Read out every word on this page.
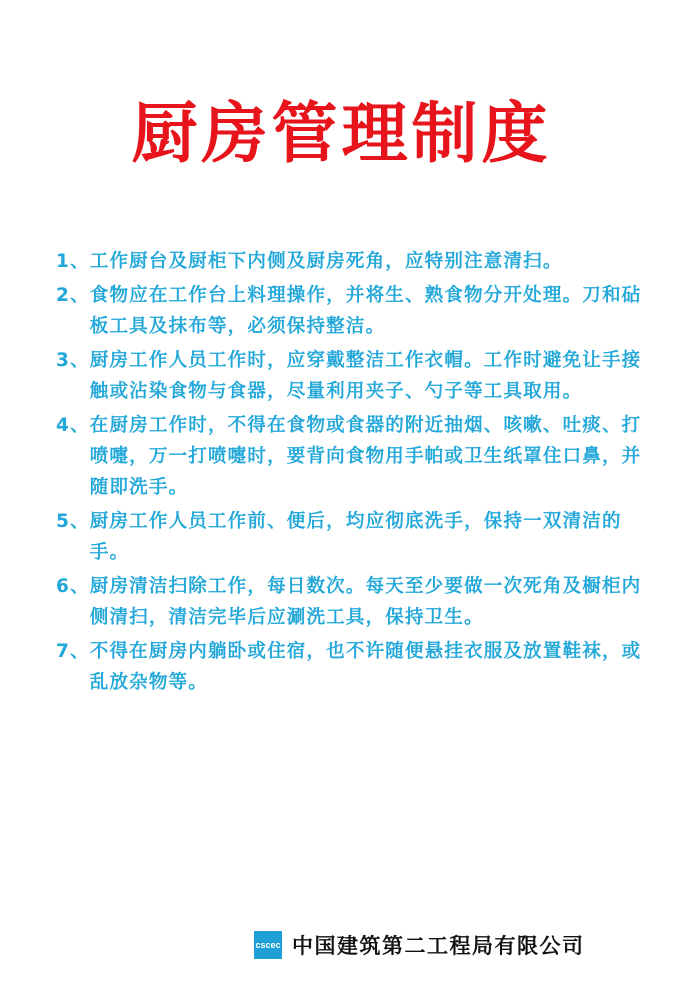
厨房管理制度
1、 工作厨台及厨柜下内侧及厨房死角，应特别注意清扫。
2、 食物应在工作台上料理操作，并将生、熟食物分开处理。刀和砧板工具及抹布等，必须保持整洁。
3、 厨房工作人员工作时，应穿戴整洁工作衣帽。工作时避免让手接触或沾染食物与食器，尽量利用夹子、勺子等工具取用。
4、 在厨房工作时，不得在食物或食器的附近抽烟、咳嗽、吐痰、打喷嚏，万一打喷嚏时，要背向食物用手帕或卫生纸罩住口鼻，并随即洗手。
5、 厨房工作人员工作前、便后，均应彻底洗手，保持一双清洁的手。
6、 厨房清洁扫除工作，每日数次。每天至少要做一次死角及橱柜内侧清扫，清洁完毕后应涮洗工具，保持卫生。
7、 不得在厨房内躺卧或住宿，也不许随便悬挂衣服及放置鞋袜，或乱放杂物等。
cscec 中国建筑第二工程局有限公司
